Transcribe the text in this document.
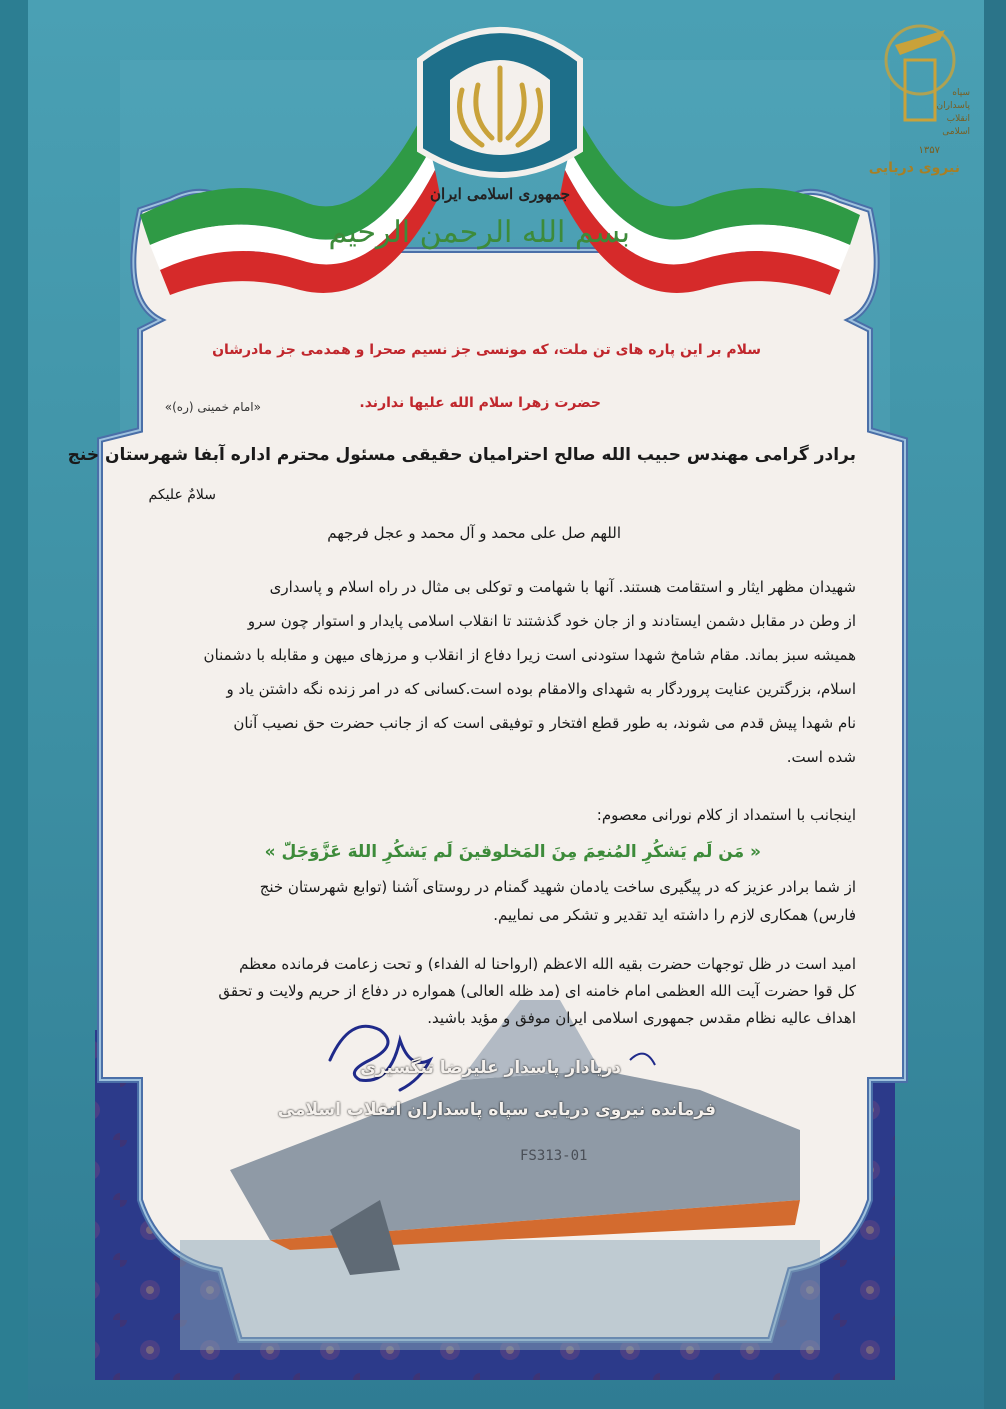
FS313-01
جمهوری اسلامی ایران
بسم الله الرحمن الرحیم
سپاه
پاسداران
انقلاب
اسلامی
۱۳۵۷
نیروی دریایی
سلام بر این پاره های تن ملت، که مونسی جز نسیم صحرا و همدمی جز مادرشان
حضرت زهرا سلام الله علیها ندارند.
«امام خمینی (ره)»
برادر گرامی مهندس حبیب الله صالح احترامیان حقیقی مسئول محترم اداره آبفا شهرستان خنج
سلامٌ علیکم
اللهم صل علی محمد و آل محمد و عجل فرجهم
شهیدان مظهر ایثار و استقامت هستند. آنها با شهامت و توکلی بی مثال در راه اسلام و پاسداری
از وطن در مقابل دشمن ایستادند و از جان خود گذشتند تا انقلاب اسلامی پایدار و استوار چون سرو
همیشه سبز بماند. مقام شامخ شهدا ستودنی است زیرا دفاع از انقلاب و مرزهای میهن و مقابله با دشمنان
اسلام، بزرگترین عنایت پروردگار به شهدای والامقام بوده است.کسانی که در امر زنده نگه داشتن یاد و
نام شهدا پیش قدم می شوند، به طور قطع افتخار و توفیقی است که از جانب حضرت حق نصیب آنان
شده است.
اینجانب با استمداد از کلام نورانی معصوم:
« مَن لَم یَشکُرِ المُنعِمَ مِنَ المَخلوقینَ لَم یَشکُرِ اللهَ عَزَّوَجَلّ »
از شما برادر عزیز که در پیگیری ساخت یادمان شهید گمنام در روستای آشنا (توابع شهرستان خنج
فارس) همکاری لازم را داشته اید تقدیر و تشکر می نماییم.
امید است در ظل توجهات حضرت بقیه الله الاعظم (ارواحنا له الفداء) و تحت زعامت فرمانده معظم
کل قوا حضرت آیت الله العظمی امام خامنه ای (مد ظله العالی) همواره در دفاع از حریم ولایت و تحقق
اهداف عالیه نظام مقدس جمهوری اسلامی ایران موفق و مؤید باشید.
دریادار پاسدار علیرضا تنگسیری
فرمانده نیروی دریایی سپاه پاسداران انقلاب اسلامی
